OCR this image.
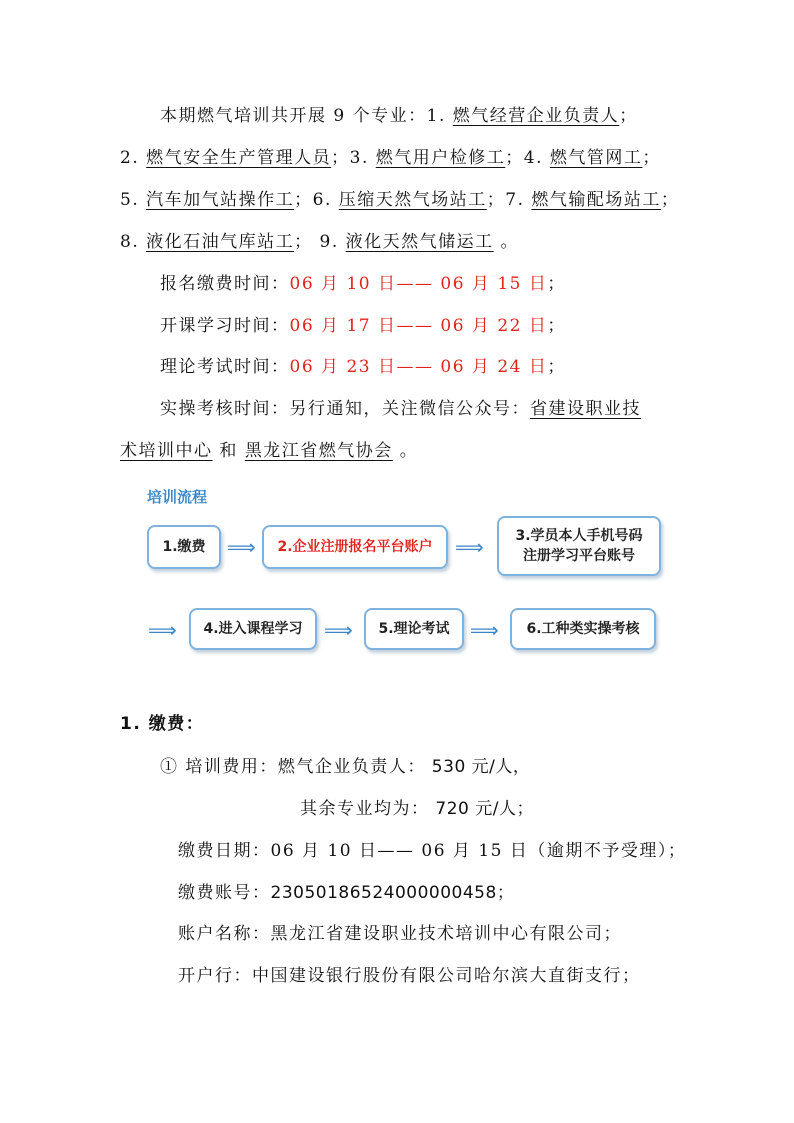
本期燃气培训共开展 9 个专业：1. 燃气经营企业负责人；
2. 燃气安全生产管理人员；3. 燃气用户检修工；4. 燃气管网工；
5. 汽车加气站操作工；6. 压缩天然气场站工；7. 燃气输配场站工；
8. 液化石油气库站工； 9. 液化天然气储运工 。
报名缴费时间：06 月 10 日—— 06 月 15 日；
开课学习时间：06 月 17 日—— 06 月 22 日；
理论考试时间：06 月 23 日—— 06 月 24 日；
实操考核时间：另行通知，关注微信公众号：省建设职业技
术培训中心 和 黑龙江省燃气协会 。
培训流程
1.缴费 ⟹ 2.企业注册报名平台账户 ⟹ 3.学员本人手机号码
注册学习平台账号
⟹ 4.进入课程学习 ⟹ 5.理论考试 ⟹ 6.工种类实操考核
1. 缴费：
① 培训费用：燃气企业负责人： 530 元/人，
其余专业均为： 720 元/人；
缴费日期：06 月 10 日—— 06 月 15 日（逾期不予受理）；
缴费账号：23050186524000000458；
账户名称：黑龙江省建设职业技术培训中心有限公司；
开户行：中国建设银行股份有限公司哈尔滨大直街支行；
